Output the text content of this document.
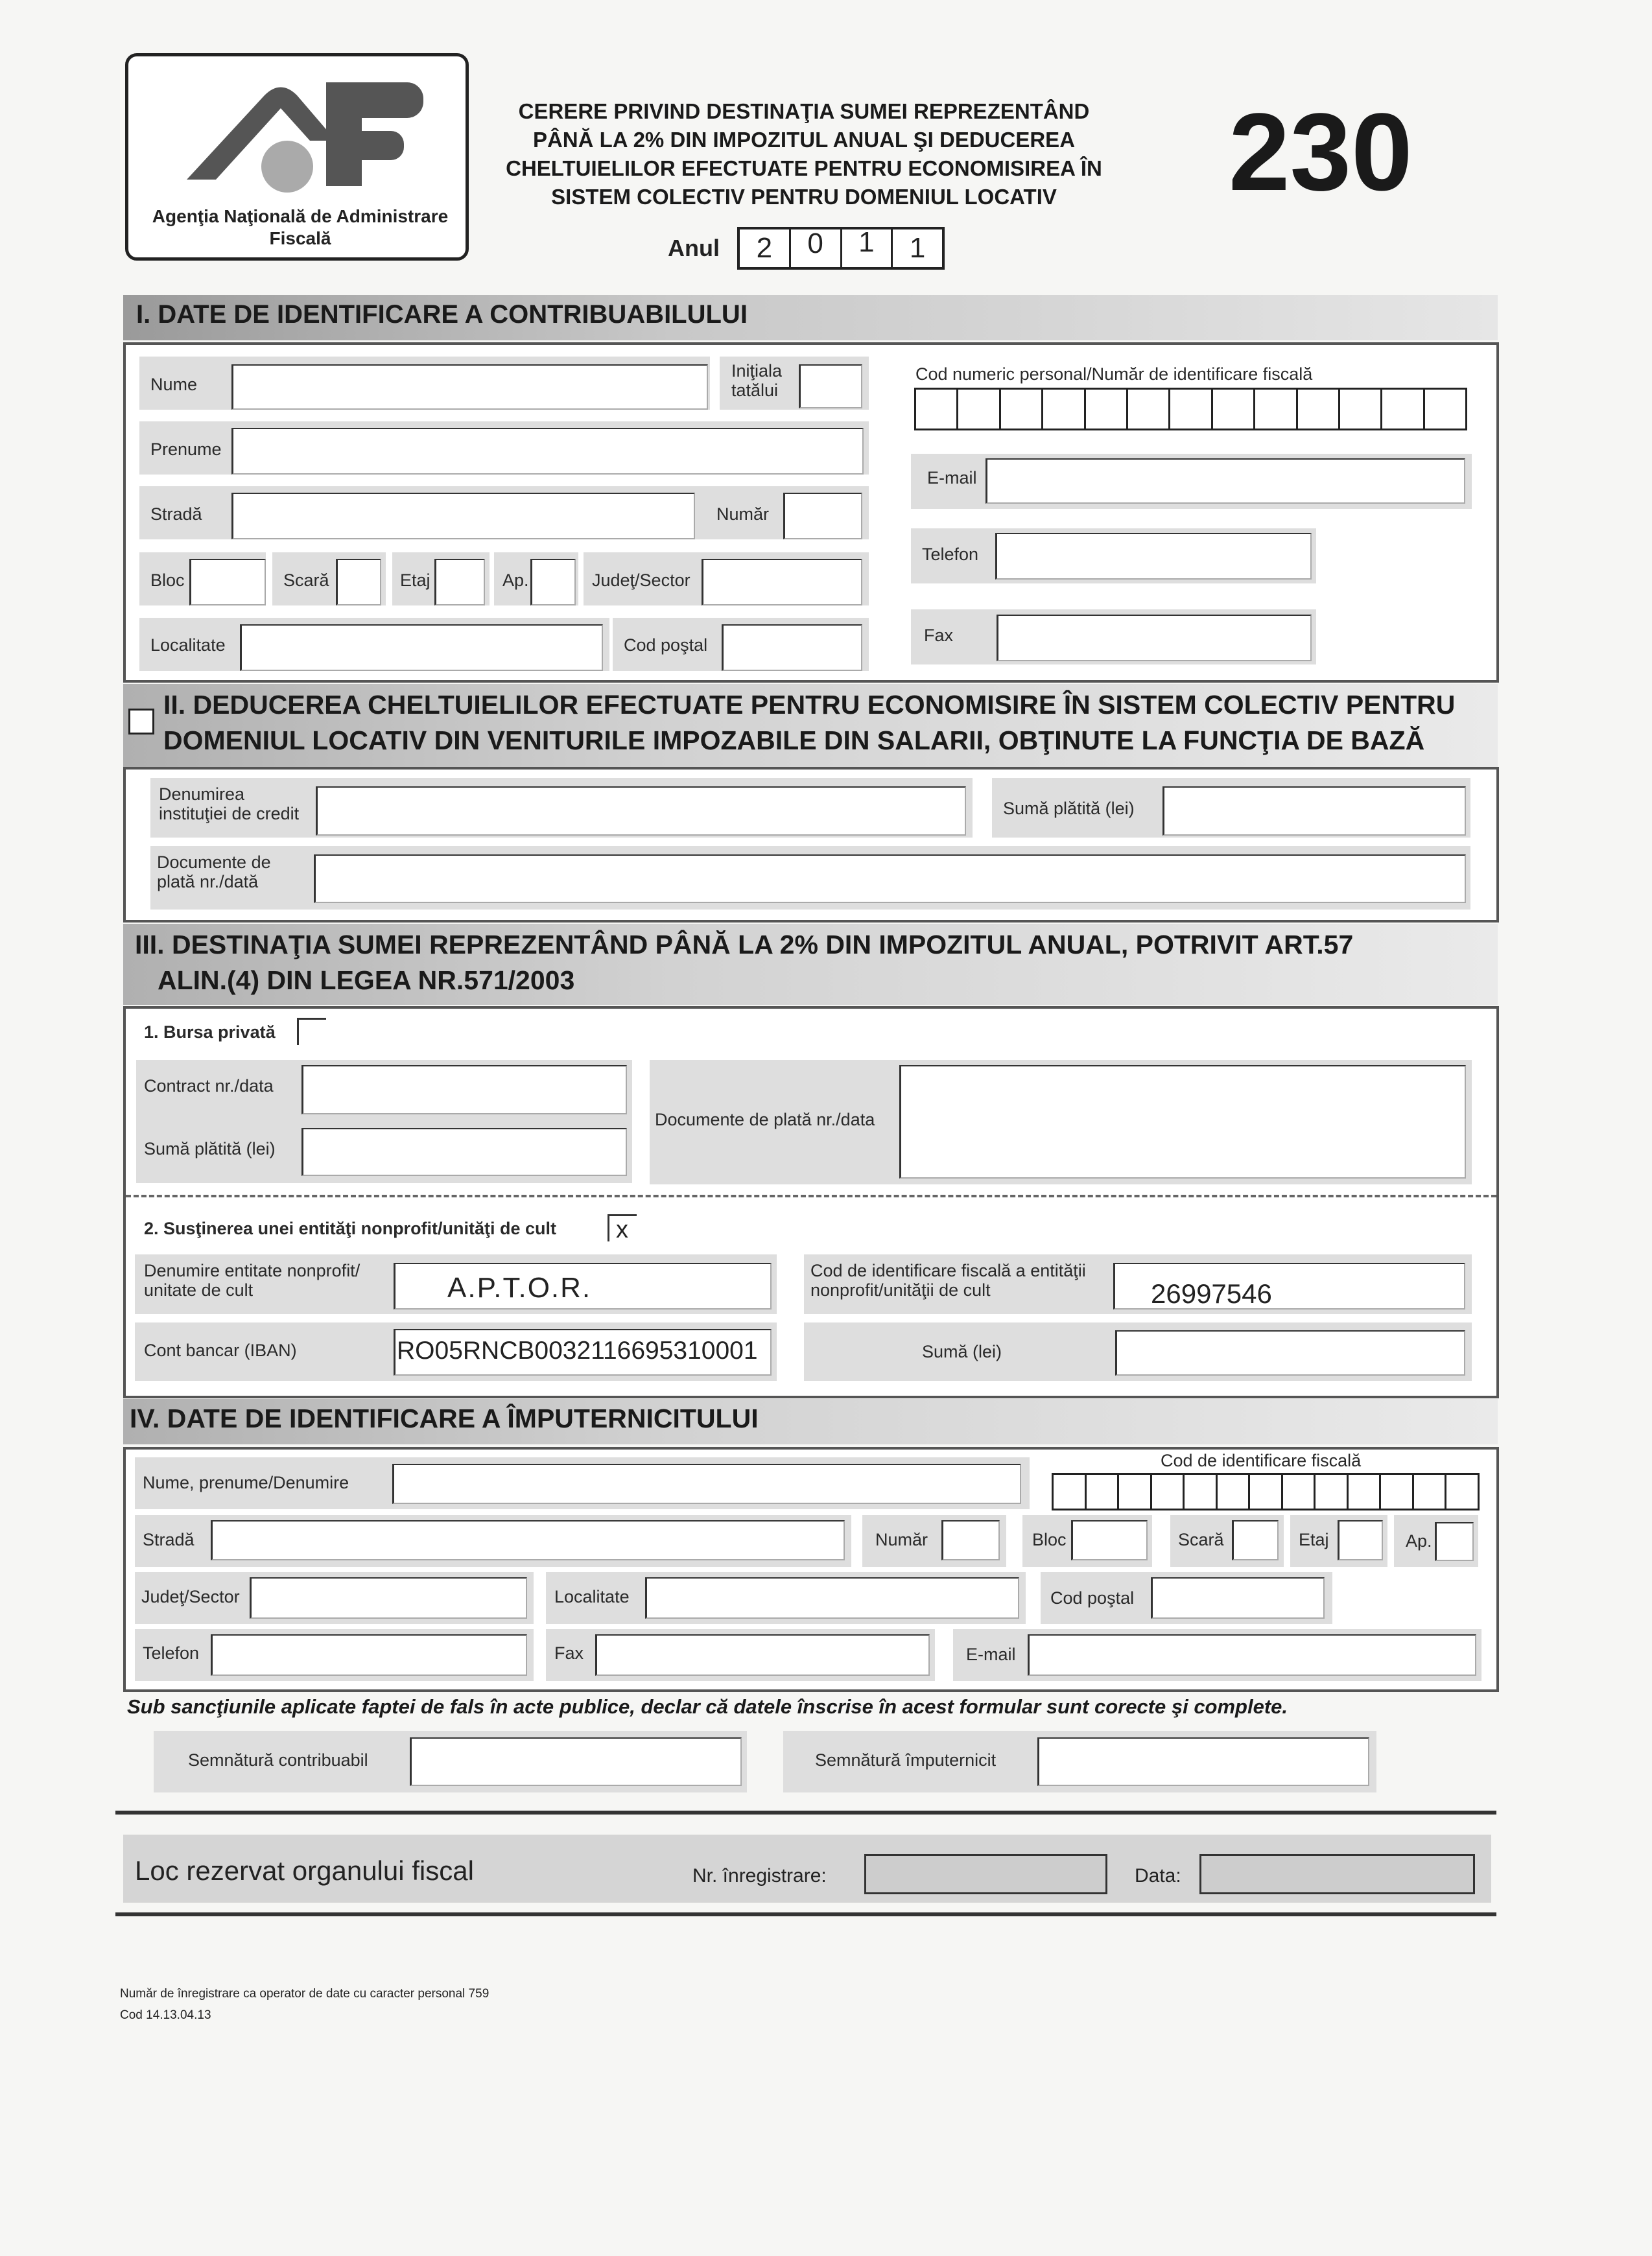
Agenţia Naţională de Administrare Fiscală
CERERE PRIVIND DESTINAŢIA SUMEI REPREZENTÂND
PÂNĂ LA 2% DIN IMPOZITUL ANUAL ŞI DEDUCEREA
CHELTUIELILOR EFECTUATE PENTRU ECONOMISIREA ÎN
SISTEM COLECTIV PENTRU DOMENIUL LOCATIV	230
Anul	2	0	1	1
I. DATE DE IDENTIFICARE A CONTRIBUABILULUI
Nume
Iniţiala
tatălui
Prenume
Stradă	Număr
Bloc	Scară	Etaj	Ap.	Judeţ/Sector
Localitate	Cod poştal
Cod numeric personal/Număr de identificare fiscală
E-mail
Telefon
Fax
II. DEDUCEREA CHELTUIELILOR EFECTUATE PENTRU ECONOMISIRE ÎN SISTEM COLECTIV PENTRU
DOMENIUL LOCATIV DIN VENITURILE IMPOZABILE DIN SALARII, OBŢINUTE LA FUNCŢIA DE BAZĂ
Denumirea
instituţiei de credit	Sumă plătită (lei)
Documente de
plată nr./dată
III. DESTINAŢIA SUMEI REPREZENTÂND PÂNĂ LA 2% DIN IMPOZITUL ANUAL, POTRIVIT ART.57
ALIN.(4) DIN LEGEA NR.571/2003
1. Bursa privată
Contract nr./data
Sumă plătită (lei)
Documente de plată nr./data
2. Susţinerea unei entităţi nonprofit/unităţi de cult x
Denumire entitate nonprofit/
unitate de cult	A.P.T.O.R.
Cod de identificare fiscală a entităţii
nonprofit/unităţii de cult	26997546
Cont bancar (IBAN)	RO05RNCB0032116695310001	Sumă (lei)
IV. DATE DE IDENTIFICARE A ÎMPUTERNICITULUI
Nume, prenume/Denumire
Cod de identificare fiscală
Stradă	Număr	Bloc	Scară	Etaj	Ap.
Judeţ/Sector	Localitate	Cod poştal
Telefon	Fax	E-mail
Sub sancţiunile aplicate faptei de fals în acte publice, declar că datele înscrise în acest formular sunt corecte şi complete.
Semnătură contribuabil	Semnătură împuternicit
Loc rezervat organului fiscal	Nr. înregistrare:	Data:
Număr de înregistrare ca operator de date cu caracter personal 759
Cod 14.13.04.13
